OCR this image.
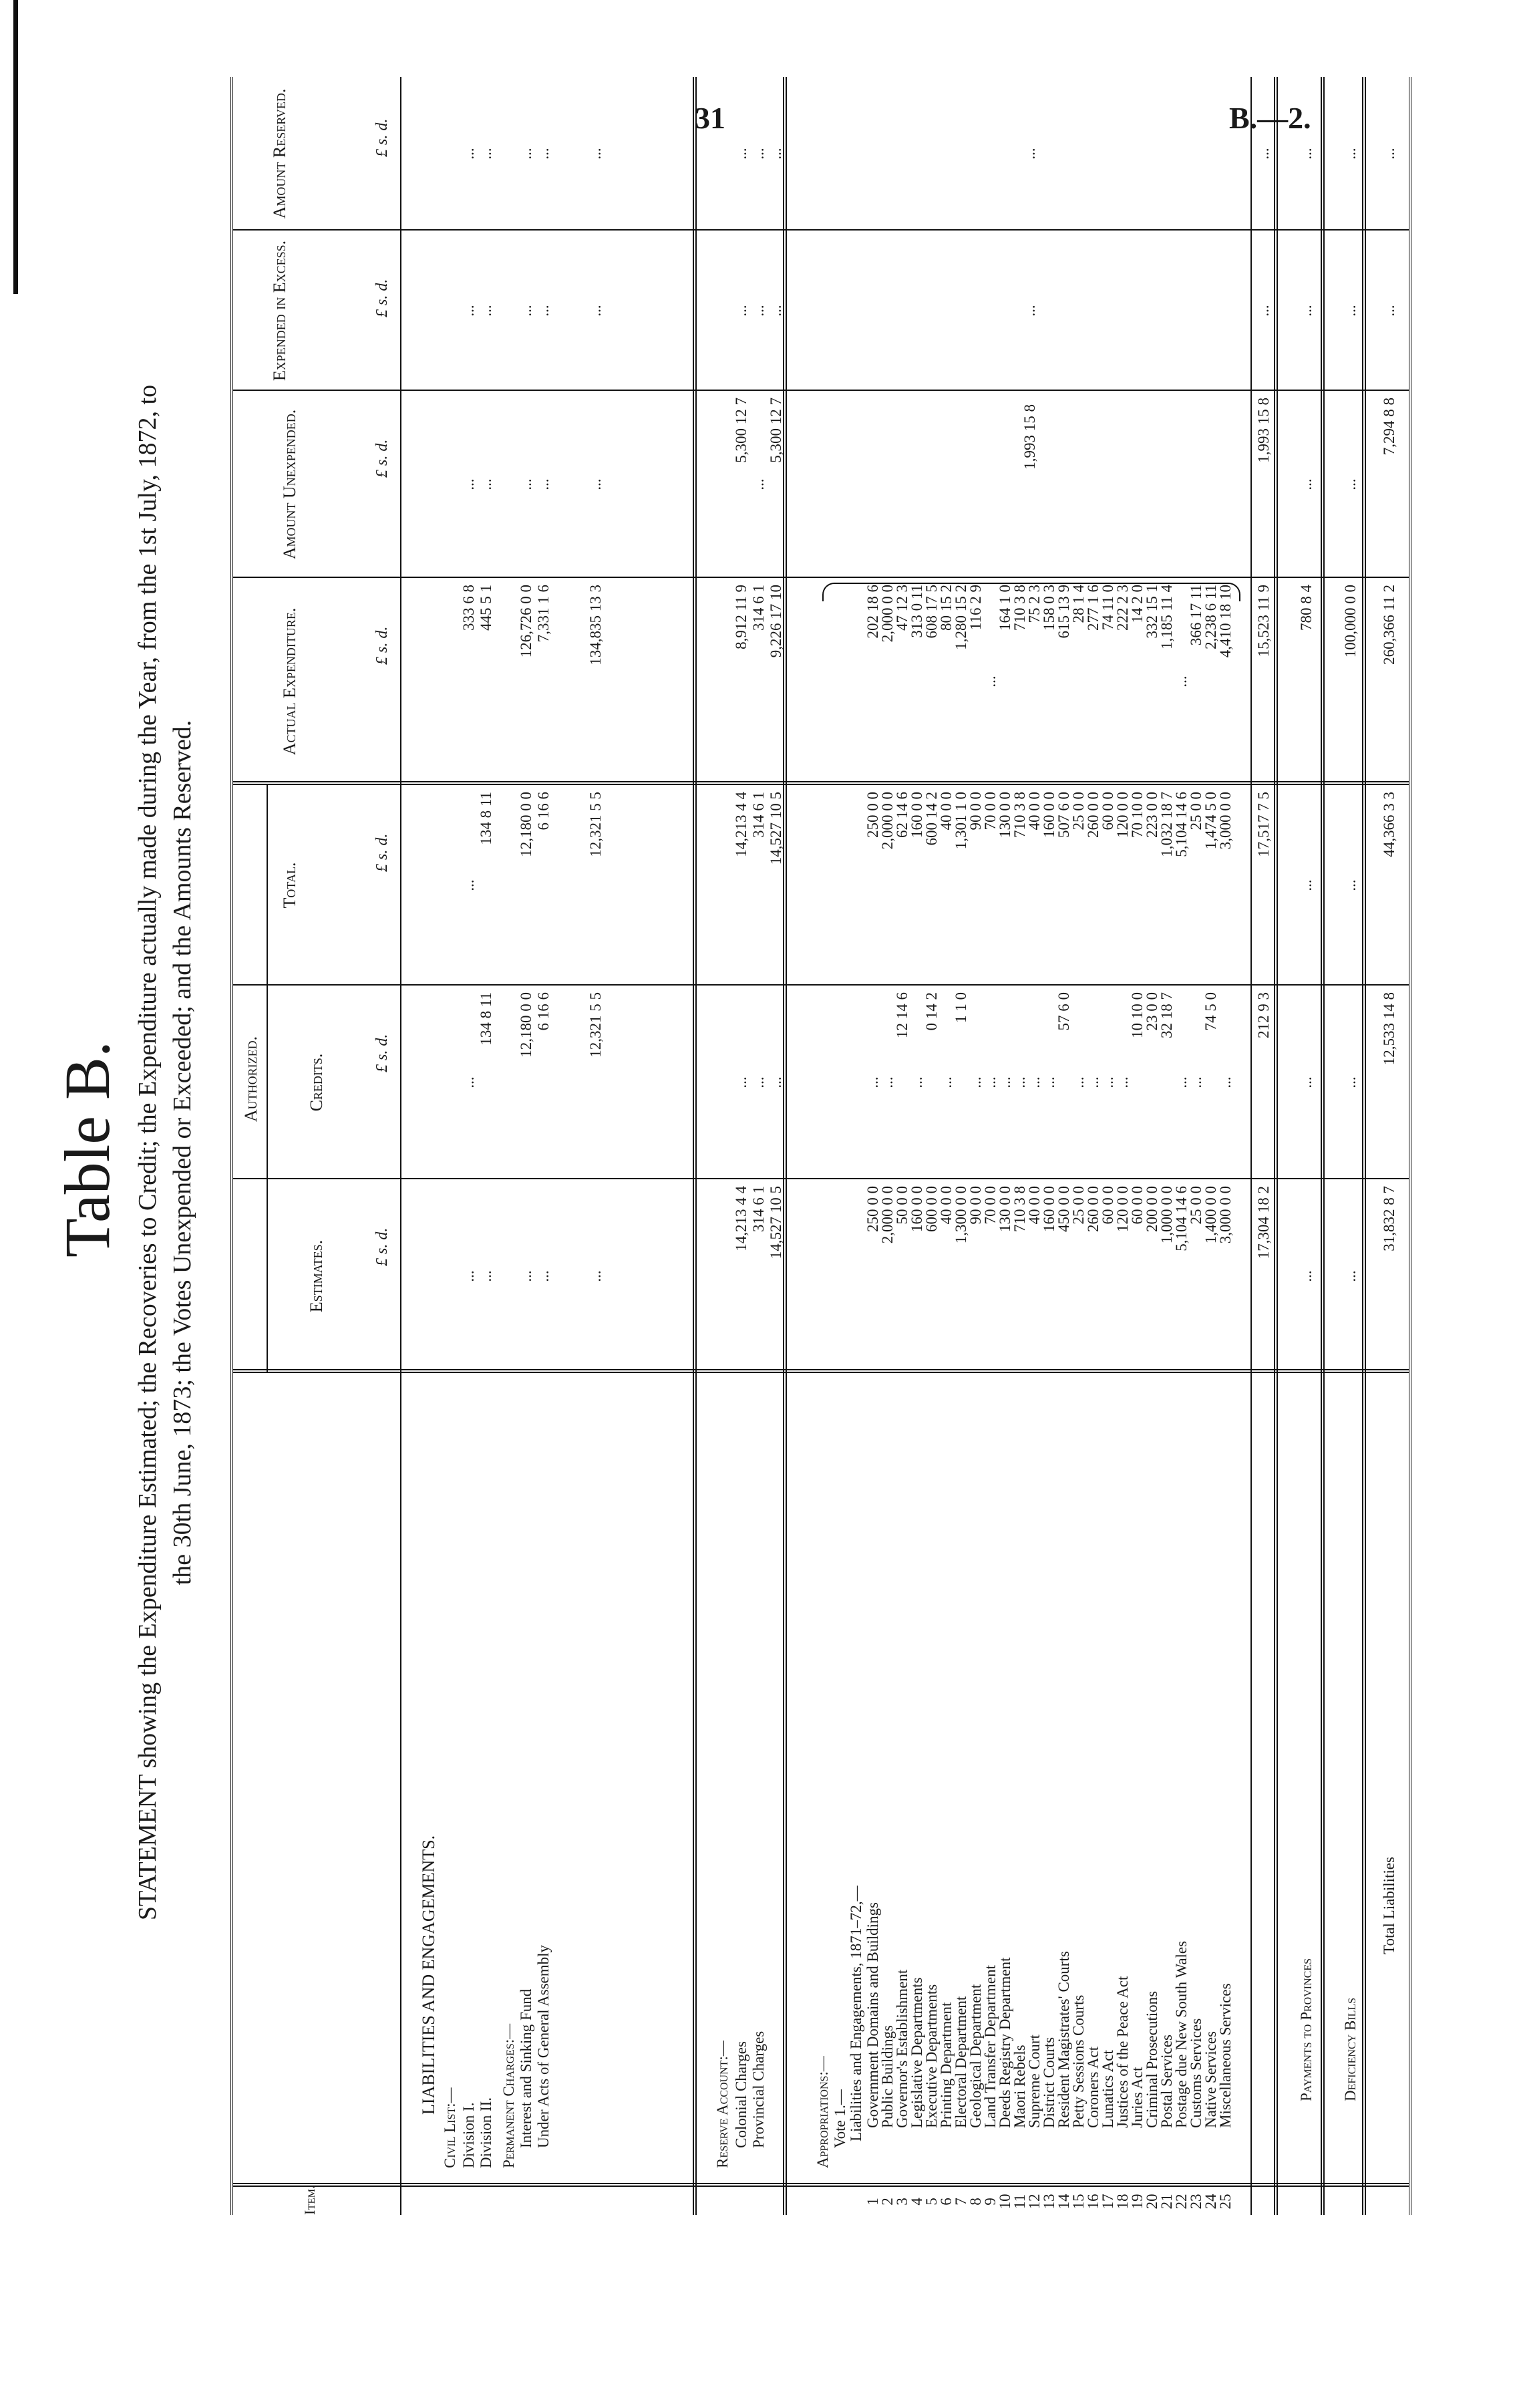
31	B.—2.
Table B. STATEMENT showing the Expenditure Estimated; the Recoveries to Credit; the Expenditure actually made during the Year, from the 1st July, 1872, to the 30th June, 1873; the Votes Unexpended or Exceeded; and the Amounts Reserved.
Item.
Authorized.
Estimates.
Credits.
Total.
Actual Expenditure.
Amount Unexpended.
Expended in Excess.
Amount Reserved.
£ s. d.
£ s. d.
£ s. d.
£ s. d.
£ s. d.
£ s. d.
£ s. d.
LIABILITIES AND ENGAGEMENTS.
Civil List:— Division I.
...
...
...
333 6 8
...
...
...
Division II.
...
134 8 11
134 8 11
445 5 1
...
...
...
Permanent Charges:— Interest and Sinking Fund
...
12,180 0 0
12,180 0 0
126,726 0 0
...
...
...
Under Acts of General Assembly
...
6 16 6
6 16 6
7,331 1 6
...
...
...
...
12,321 5 5
12,321 5 5
134,835 13 3
...
...
...
Reserve Account:— Colonial Charges
14,213 4 4
...
14,213 4 4
8,912 11 9
5,300 12 7
...
...
Provincial Charges
314 6 1
...
314 6 1
314 6 1
...
...
...
14,527 10 5
...
14,527 10 5
9,226 17 10
5,300 12 7
...
...
Appropriations:— Vote 1.— Liabilities and Engagements, 1871–72,—
1
Government Domains and Buildings
250 0 0
...
250 0 0
202 18 6
2
Public Buildings
2,000 0 0
...
2,000 0 0
2,000 0 0
3
Governor's Establishment
50 0 0
12 14 6
62 14 6
47 12 3
4
Legislative Departments
160 0 0
...
160 0 0
313 0 11
5
Executive Departments
600 0 0
0 14 2
600 14 2
608 17 5
6
Printing Department
40 0 0
...
40 0 0
80 15 2
7
Electoral Department
1,300 0 0
1 1 0
1,301 1 0
1,280 15 2
8
Geological Department
90 0 0
...
90 0 0
116 2 9
9
Land Transfer Department
70 0 0
...
70 0 0
...
10
Deeds Registry Department
130 0 0
...
130 0 0
164 1 0
11
Maori Rebels
710 3 8
...
710 3 8
710 3 8
12
Supreme Court
40 0 0
...
40 0 0
75 2 3
13
District Courts
160 0 0
...
160 0 0
158 0 3
14
Resident Magistrates' Courts
450 0 0
57 6 0
507 6 0
615 13 9
15
Petty Sessions Courts
25 0 0
...
25 0 0
28 1 4
16
Coroners Act
260 0 0
...
260 0 0
277 1 6
17
Lunatics Act
60 0 0
...
60 0 0
74 11 0
18
Justices of the Peace Act
120 0 0
...
120 0 0
222 2 3
19
Juries Act
60 0 0
10 10 0
70 10 0
14 2 0
20
Criminal Prosecutions
200 0 0
23 0 0
223 0 0
332 15 1
21
Postal Services
1,000 0 0
32 18 7
1,032 18 7
1,185 11 4
22
Postage due New South Wales
5,104 14 6
...
5,104 14 6
...
23
Customs Services
25 0 0
...
25 0 0
366 17 11
24
Native Services
1,400 0 0
74 5 0
1,474 5 0
2,238 6 11
25
Miscellaneous Services
3,000 0 0
...
3,000 0 0
4,410 18 10
17,304 18 2
212 9 3
17,517 7 5
15,523 11 9
1,993 15 8
...
...
Payments to Provinces
...
...
...
780 8 4
...
...
...
Deficiency Bills
...
...
...
100,000 0 0
...
...
...
Total Liabilities
31,832 8 7
12,533 14 8
44,366 3 3
260,366 11 2
7,294 8 8
...
...
1,993 15 8
...
...
